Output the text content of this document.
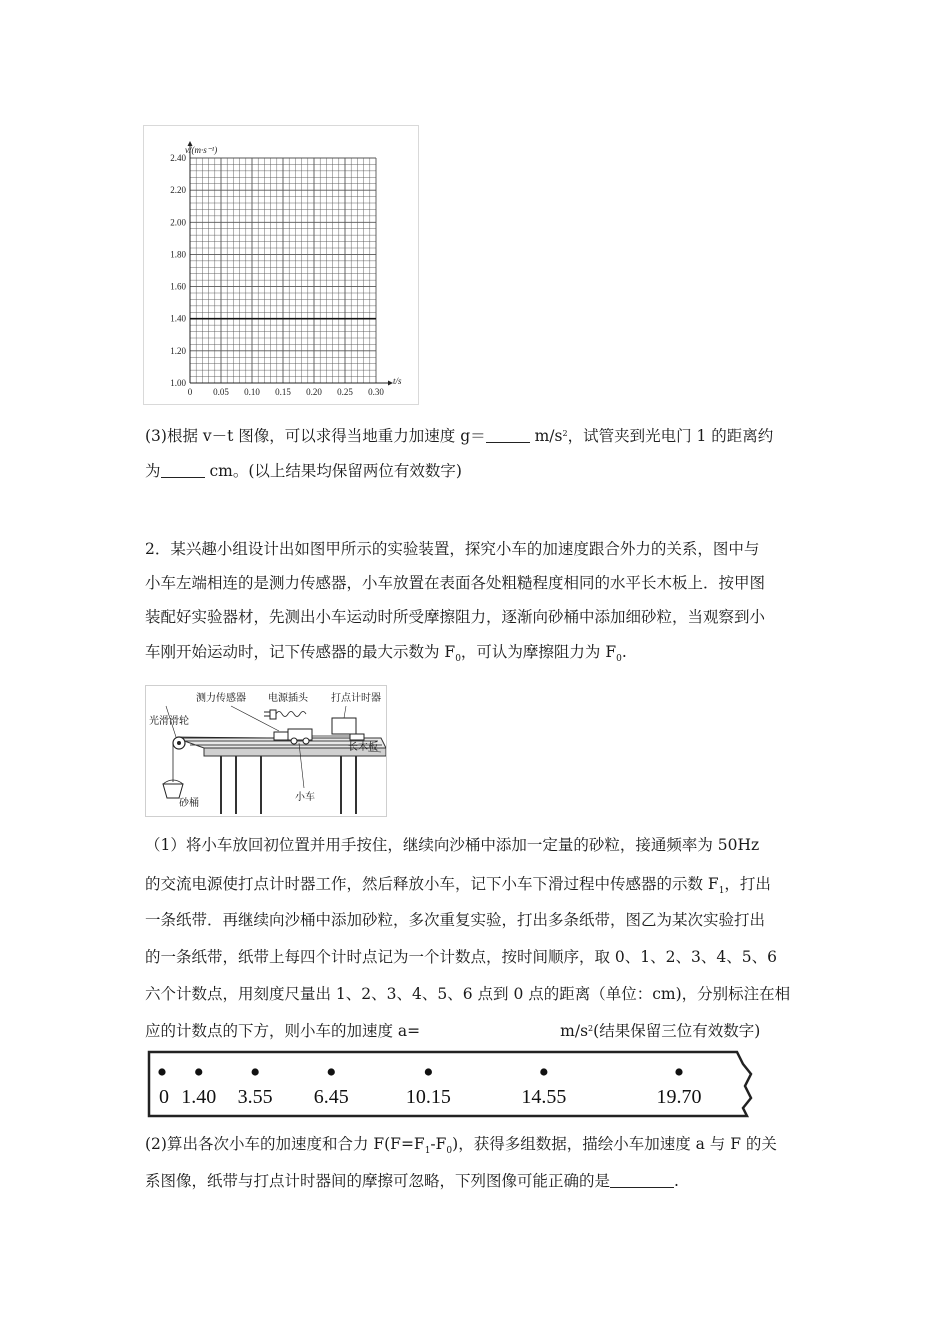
1.00
1.20
1.40
1.60
1.80
2.00
2.20
2.40
0 0.05 0.10 0.15 0.20 0.25 0.30
v/(m·s⁻¹)
t/s
(3)根据 v－t 图像，可以求得当地重力加速度 g＝	$m/s^2$，试管夹到光电门 1 的距离约
为	cm。(以上结果均保留两位有效数字)
2．某兴趣小组设计出如图甲所示的实验装置，探究小车的加速度跟合外力的关系，图中与
小车左端相连的是测力传感器，小车放置在表面各处粗糙程度相同的水平长木板上．按甲图
装配好实验器材，先测出小车运动时所受摩擦阻力，逐渐向砂桶中添加细砂粒，当观察到小
车刚开始运动时，记下传感器的最大示数为 $F_0$，可认为摩擦阻力为 $F_0$.
测力传感器 电源插头 打点计时器
光滑滑轮
长木板
砂桶
小车
（1）将小车放回初位置并用手按住，继续向沙桶中添加一定量的砂粒，接通频率为 50Hz
的交流电源使打点计时器工作，然后释放小车，记下小车下滑过程中传感器的示数 $F_1$，打出
一条纸带．再继续向沙桶中添加砂粒，多次重复实验，打出多条纸带，图乙为某次实验打出
的一条纸带，纸带上每四个计时点记为一个计数点，按时间顺序，取 0、1、2、3、4、5、6
六个计数点，用刻度尺量出 1、2、3、4、5、6 点到 0 点的距离（单位：cm)，分别标注在相
应的计数点的下方，则小车的加速度 a=	$m/s^2$(结果保留三位有效数字)
0 1.40 3.55 6.45	10.15	14.55	19.70
(2)算出各次小车的加速度和合力 $F(F=F_1-F_0)$，获得多组数据，描绘小车加速度 a 与 F 的关
系图像，纸带与打点计时器间的摩擦可忽略，下列图像可能正确的是	.
